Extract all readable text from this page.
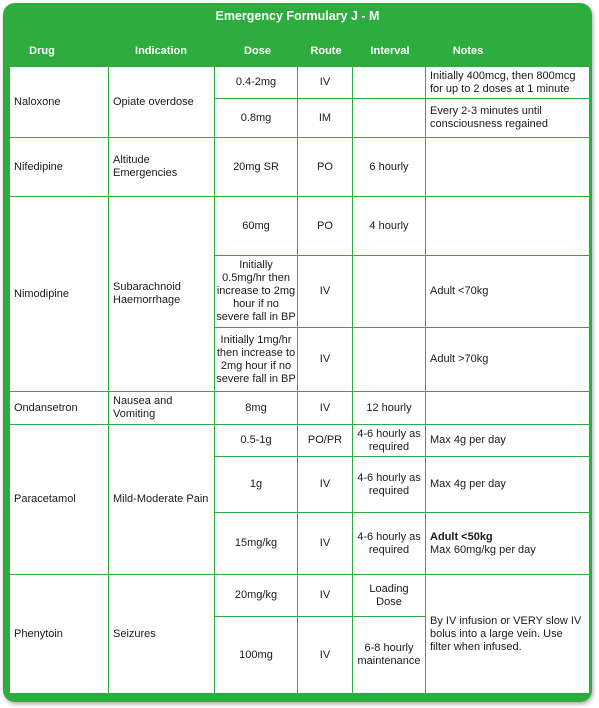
Emergency Formulary J - M
Drug	Indication	Dose	Route	Interval	Notes
Naloxone	Opiate overdose	0.4-2mg	IV		Initially 400mcg, then 800mcg for up to 2 doses at 1 minute
		0.8mg	IM		Every 2-3 minutes until consciousness regained
Nifedipine	Altitude Emergencies	20mg SR	PO	6 hourly	
Nimodipine	Subarachnoid Haemorrhage	60mg	PO	4 hourly	
		Initially 0.5mg/hr then increase to 2mg hour if no severe fall in BP	IV		Adult <70kg
		Initially 1mg/hr then increase to 2mg hour if no severe fall in BP	IV		Adult >70kg
Ondansetron	Nausea and Vomiting	8mg	IV	12 hourly	
Paracetamol	Mild-Moderate Pain	0.5-1g	PO/PR	4-6 hourly as required	Max 4g per day
		1g	IV	4-6 hourly as required	Max 4g per day
		15mg/kg	IV	4-6 hourly as required	Adult <50kg
Max 60mg/kg per day

Phenytoin	Seizures	20mg/kg	IV	Loading Dose	By IV infusion or VERY slow IV bolus into a large vein. Use filter when infused.
		100mg	IV	6-8 hourly maintenance	
